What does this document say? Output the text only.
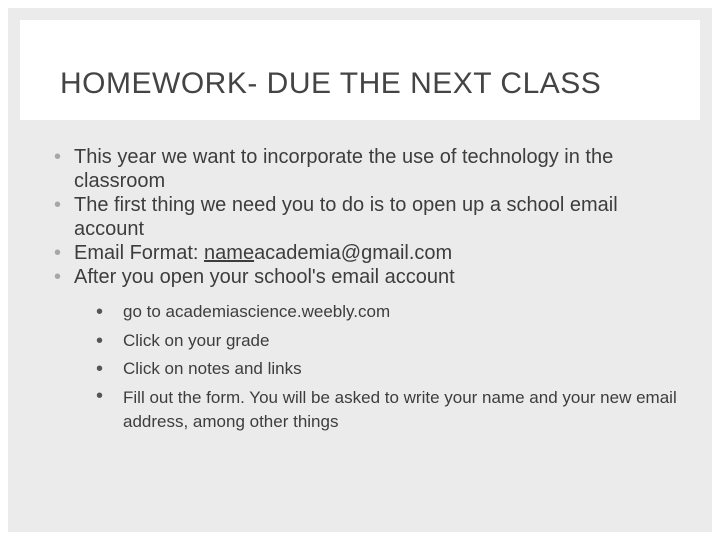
HOMEWORK- DUE THE NEXT CLASS
• This year we want to incorporate the use of technology in the classroom
• The first thing we need you to do is to open up a school email account
• Email Format: nameacademia@gmail.com
• After you open your school's email account
• go to academiascience.weebly.com
• Click on your grade
• Click on notes and links
• Fill out the form. You will be asked to write your name and your new email address, among other things
